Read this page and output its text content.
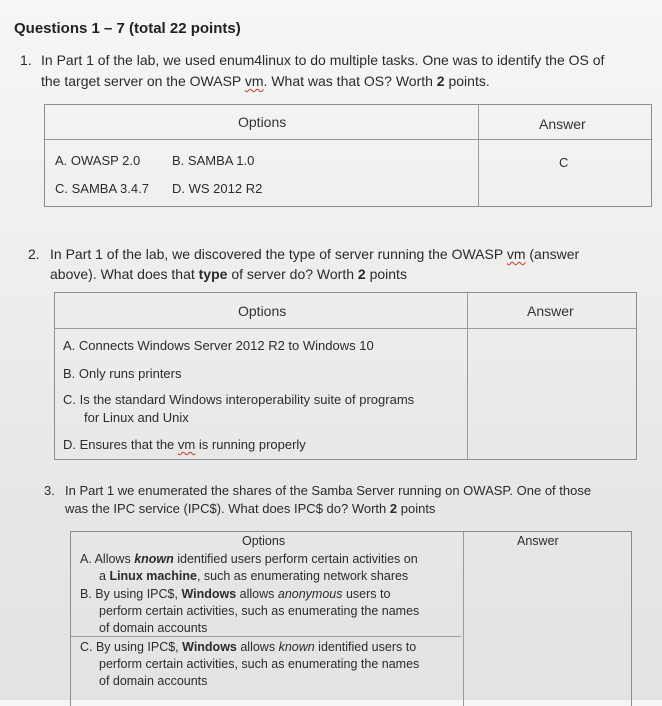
Questions 1 – 7 (total 22 points)
1. In Part 1 of the lab, we used enum4linux to do multiple tasks. One was to identify the OS of
the target server on the OWASP vm. What was that OS? Worth 2 points.
Options	Answer
A. OWASP 2.0 B. SAMBA 1.0
C. SAMBA 3.4.7 D. WS 2012 R2
C
2. In Part 1 of the lab, we discovered the type of server running the OWASP vm (answer
above). What does that type of server do? Worth 2 points
Options	Answer
A. Connects Windows Server 2012 R2 to Windows 10
B. Only runs printers
C. Is the standard Windows interoperability suite of programs
for Linux and Unix
D. Ensures that the vm is running properly
3. In Part 1 we enumerated the shares of the Samba Server running on OWASP. One of those
was the IPC service (IPC$). What does IPC$ do? Worth 2 points
Options	Answer
A. Allows known identified users perform certain activities on
a Linux machine, such as enumerating network shares
B. By using IPC$, Windows allows anonymous users to
perform certain activities, such as enumerating the names
of domain accounts
C. By using IPC$, Windows allows known identified users to
perform certain activities, such as enumerating the names
of domain accounts
